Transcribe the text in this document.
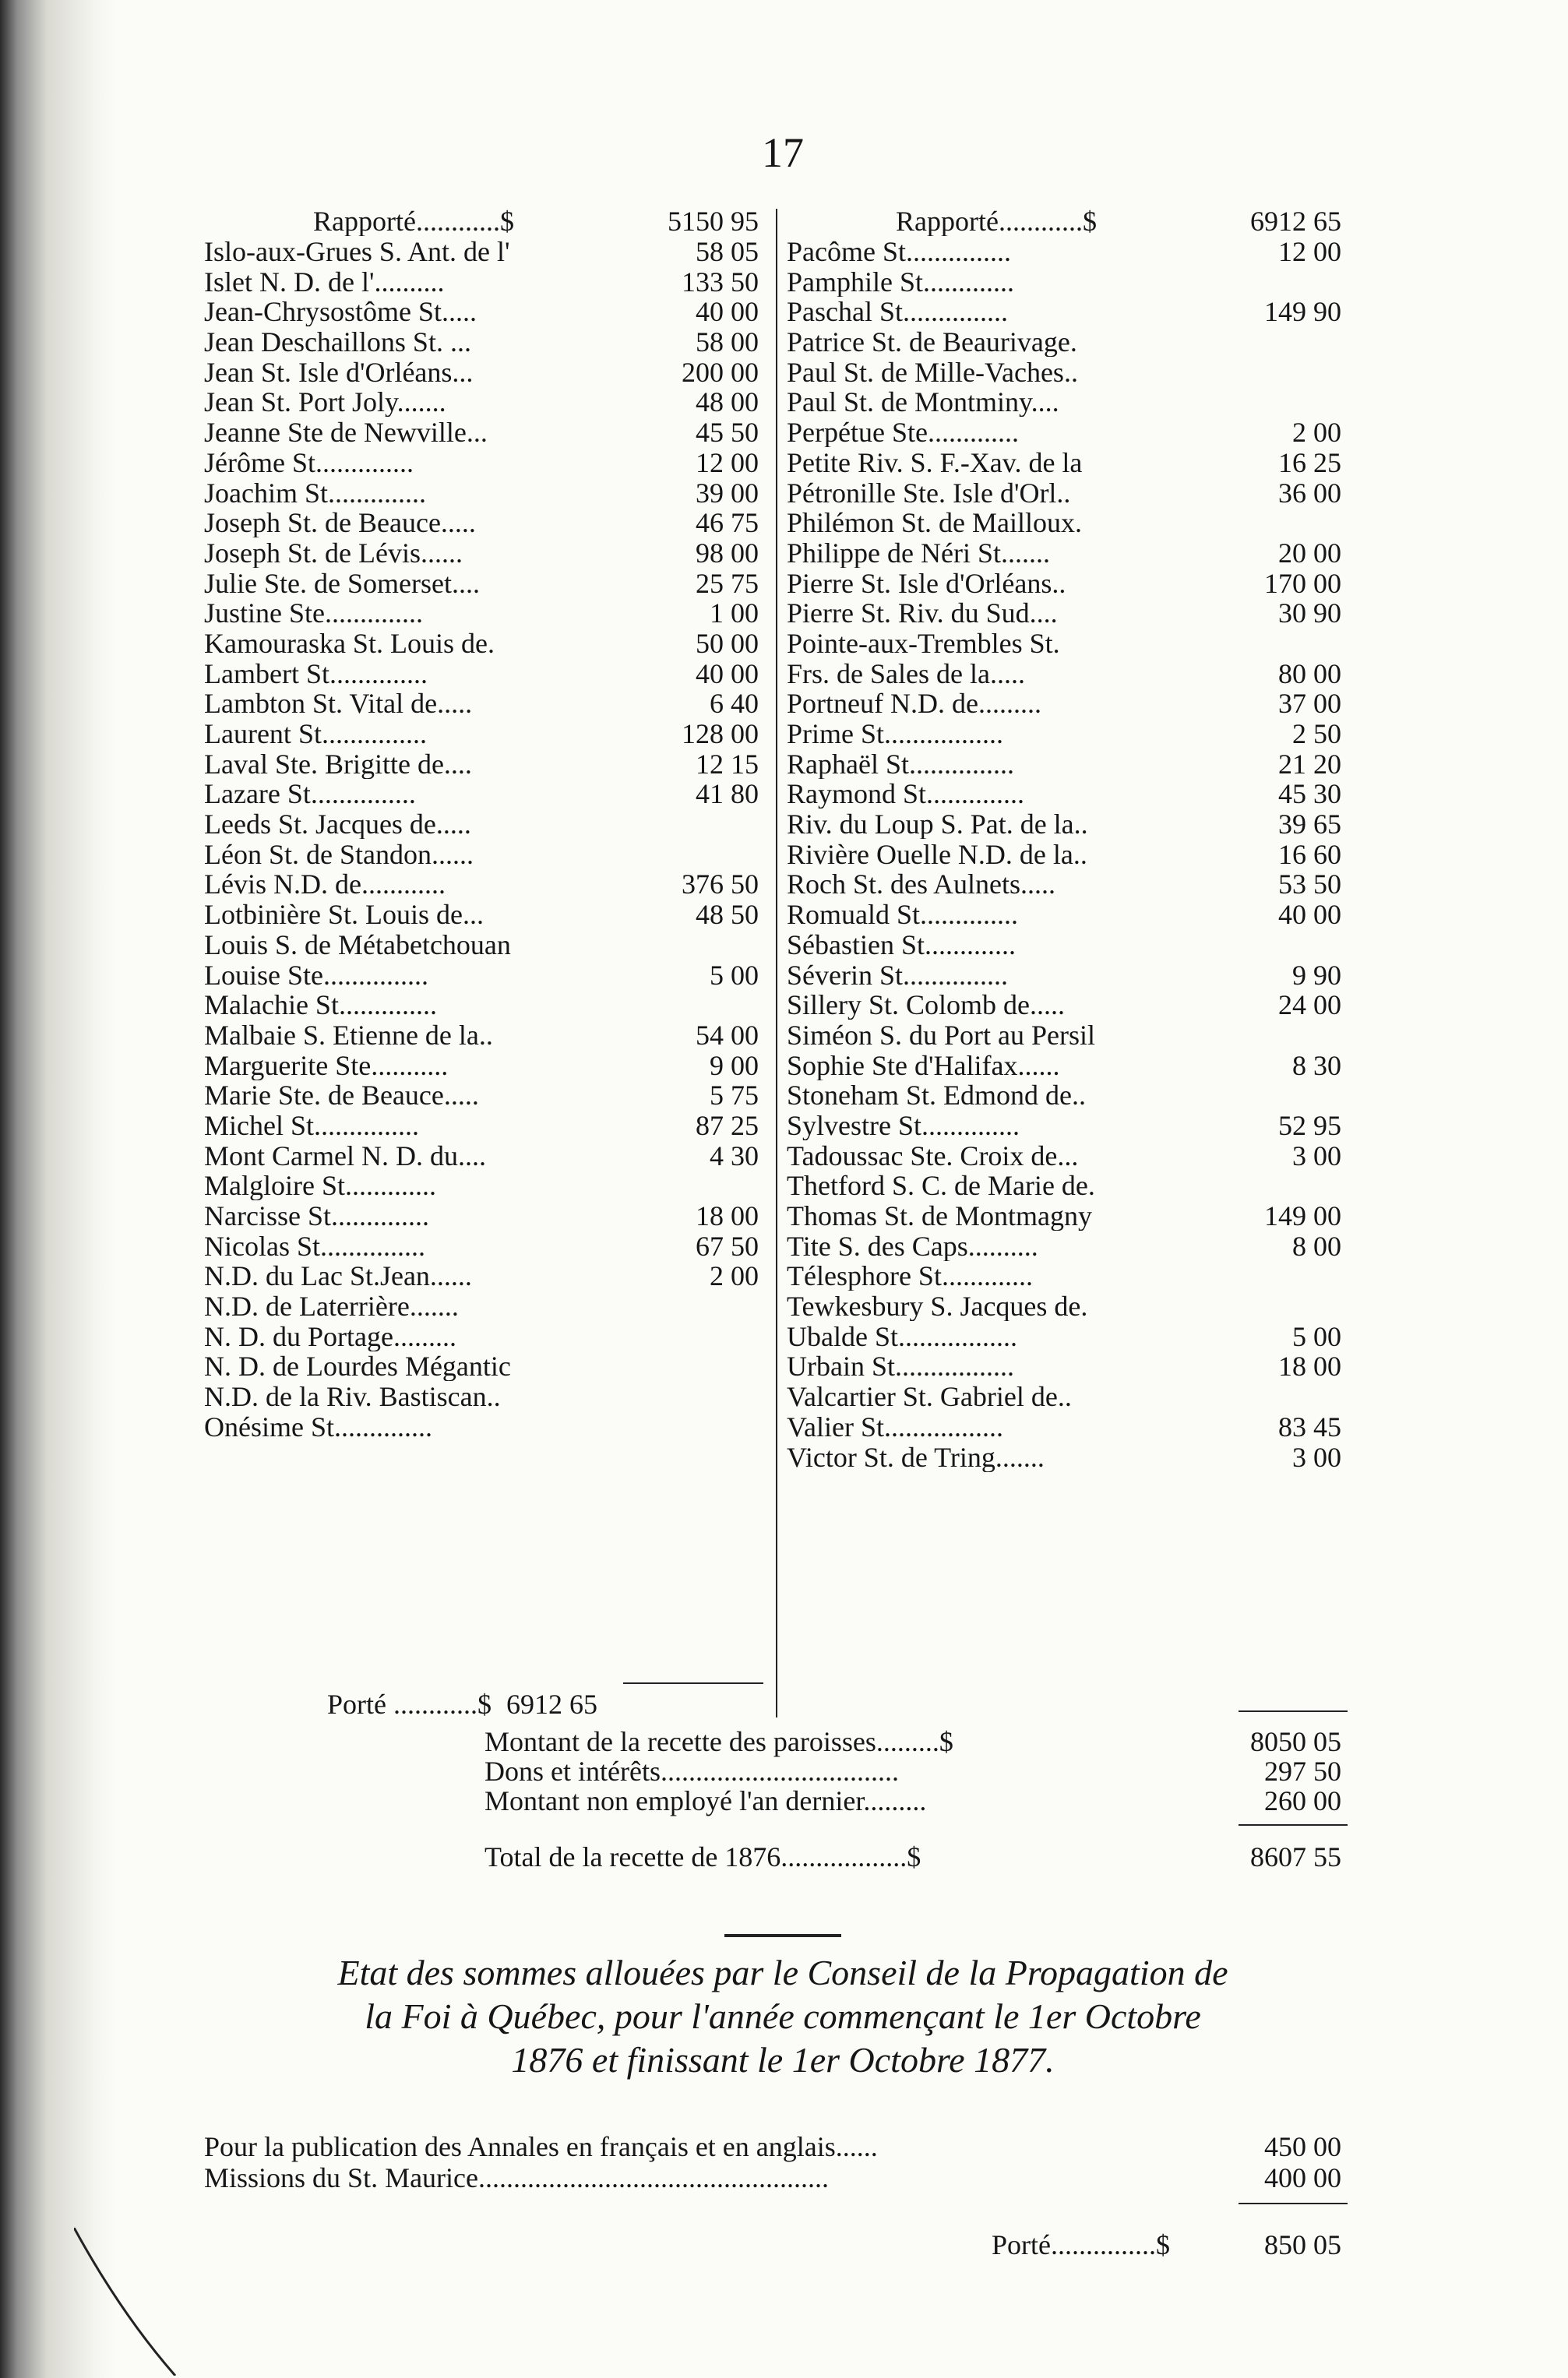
17
Rapporté............$	5150 95
Islo-aux-Grues S. Ant. de l'	58 05
Islet N. D. de l'..........	133 50
Jean-Chrysostôme St.....	40 00
Jean Deschaillons St. ...	58 00
Jean St. Isle d'Orléans...	200 00
Jean St. Port Joly.......	48 00
Jeanne Ste de Newville...	45 50
Jérôme St..............	12 00
Joachim St..............	39 00
Joseph St. de Beauce.....	46 75
Joseph St. de Lévis......	98 00
Julie Ste. de Somerset....	25 75
Justine Ste..............	1 00
Kamouraska St. Louis de.	50 00
Lambert St..............	40 00
Lambton St. Vital de.....	6 40
Laurent St...............	128 00
Laval Ste. Brigitte de....	12 15
Lazare St...............	41 80
Leeds St. Jacques de.....
Léon St. de Standon......
Lévis N.D. de............	376 50
Lotbinière St. Louis de...	48 50
Louis S. de Métabetchouan
Louise Ste...............	5 00
Malachie St..............
Malbaie S. Etienne de la..	54 00
Marguerite Ste...........	9 00
Marie Ste. de Beauce.....	5 75
Michel St...............	87 25
Mont Carmel N. D. du....	4 30
Malgloire St.............
Narcisse St..............	18 00
Nicolas St...............	67 50
N.D. du Lac St.Jean......	2 00
N.D. de Laterrière.......
N. D. du Portage.........
N. D. de Lourdes Mégantic
N.D. de la Riv. Bastiscan..
Onésime St..............
Rapporté............$	6912 65
Pacôme St...............	12 00
Pamphile St.............
Paschal St...............	149 90
Patrice St. de Beaurivage.
Paul St. de Mille-Vaches..
Paul St. de Montminy....
Perpétue Ste.............	2 00
Petite Riv. S. F.-Xav. de la	16 25
Pétronille Ste. Isle d'Orl..	36 00
Philémon St. de Mailloux.
Philippe de Néri St.......	20 00
Pierre St. Isle d'Orléans..	170 00
Pierre St. Riv. du Sud....	30 90
Pointe-aux-Trembles St.
Frs. de Sales de la.....	80 00
Portneuf N.D. de.........	37 00
Prime St.................	2 50
Raphaël St...............	21 20
Raymond St..............	45 30
Riv. du Loup S. Pat. de la..	39 65
Rivière Ouelle N.D. de la..	16 60
Roch St. des Aulnets.....	53 50
Romuald St..............	40 00
Sébastien St.............
Séverin St...............	9 90
Sillery St. Colomb de.....	24 00
Siméon S. du Port au Persil
Sophie Ste d'Halifax......	8 30
Stoneham St. Edmond de..
Sylvestre St..............	52 95
Tadoussac Ste. Croix de...	3 00
Thetford S. C. de Marie de.
Thomas St. de Montmagny	149 00
Tite S. des Caps..........	8 00
Télesphore St.............
Tewkesbury S. Jacques de.
Ubalde St.................	5 00
Urbain St.................	18 00
Valcartier St. Gabriel de..
Valier St.................	83 45
Victor St. de Tring.......	3 00
Porté ............$ 6912 65
Montant de la recette des paroisses.........$	8050 05
Dons et intérêts..................................	297 50
Montant non employé l'an dernier.........	260 00
Total de la recette de 1876..................$	8607 55
Etat des sommes allouées par le Conseil de la Propagation de
la Foi à Québec, pour l'année commençant le 1er Octobre
1876 et finissant le 1er Octobre 1877.
Pour la publication des Annales en français et en anglais......	450 00
Missions du St. Maurice..................................................	400 00
Porté...............$	850 05
